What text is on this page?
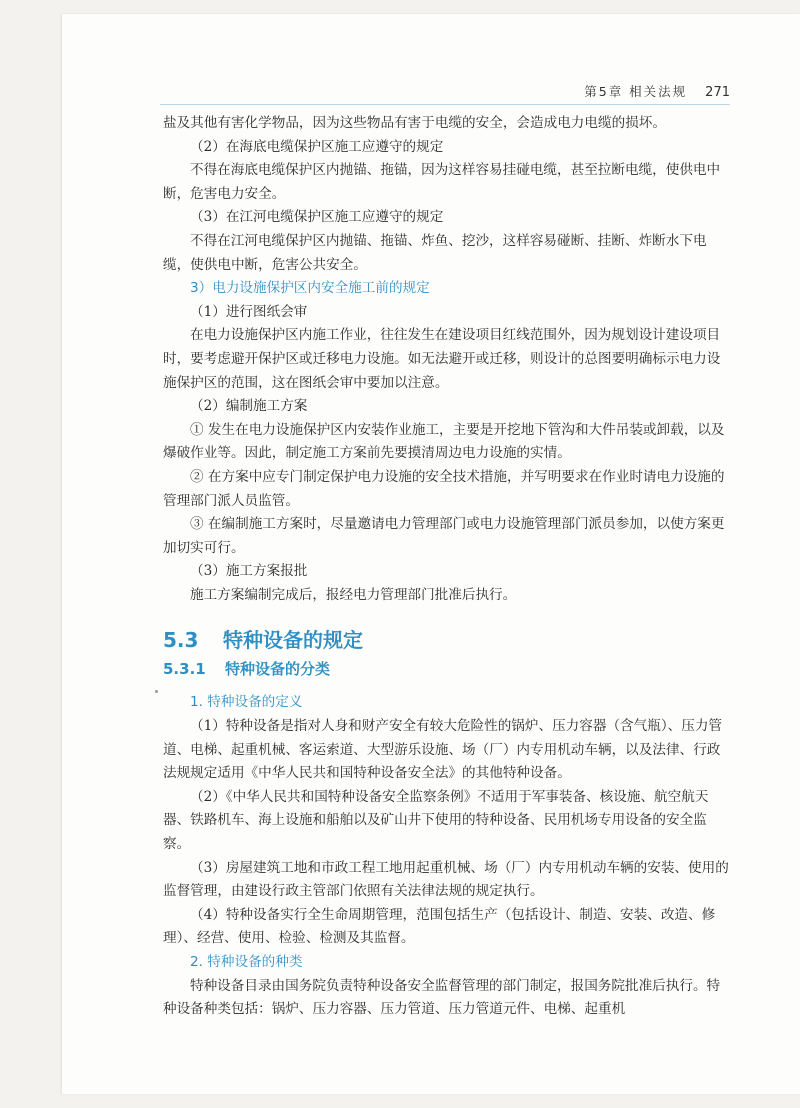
第5章 相关法规 271

盐及其他有害化学物品，因为这些物品有害于电缆的安全，会造成电力电缆的损坏。

（2）在海底电缆保护区施工应遵守的规定

不得在海底电缆保护区内抛锚、拖锚，因为这样容易挂碰电缆，甚至拉断电缆，使供电中断，危害电力安全。

（3）在江河电缆保护区施工应遵守的规定

不得在江河电缆保护区内抛锚、拖锚、炸鱼、挖沙，这样容易碰断、挂断、炸断水下电缆，使供电中断，危害公共安全。

3）电力设施保护区内安全施工前的规定

（1）进行图纸会审

在电力设施保护区内施工作业，往往发生在建设项目红线范围外，因为规划设计建设项目时，要考虑避开保护区或迁移电力设施。如无法避开或迁移，则设计的总图要明确标示电力设施保护区的范围，这在图纸会审中要加以注意。

（2）编制施工方案

① 发生在电力设施保护区内安装作业施工，主要是开挖地下管沟和大件吊装或卸载，以及爆破作业等。因此，制定施工方案前先要摸清周边电力设施的实情。

② 在方案中应专门制定保护电力设施的安全技术措施，并写明要求在作业时请电力设施的管理部门派人员监管。

③ 在编制施工方案时，尽量邀请电力管理部门或电力设施管理部门派员参加，以使方案更加切实可行。

（3）施工方案报批

施工方案编制完成后，报经电力管理部门批准后执行。

5.3 特种设备的规定
5.3.1 特种设备的分类

1. 特种设备的定义

（1）特种设备是指对人身和财产安全有较大危险性的锅炉、压力容器（含气瓶）、压力管道、电梯、起重机械、客运索道、大型游乐设施、场（厂）内专用机动车辆，以及法律、行政法规规定适用《中华人民共和国特种设备安全法》的其他特种设备。

（2）《中华人民共和国特种设备安全监察条例》不适用于军事装备、核设施、航空航天器、铁路机车、海上设施和船舶以及矿山井下使用的特种设备、民用机场专用设备的安全监察。

（3）房屋建筑工地和市政工程工地用起重机械、场（厂）内专用机动车辆的安装、使用的监督管理，由建设行政主管部门依照有关法律法规的规定执行。

（4）特种设备实行全生命周期管理，范围包括生产（包括设计、制造、安装、改造、修理）、经营、使用、检验、检测及其监督。

2. 特种设备的种类

特种设备目录由国务院负责特种设备安全监督管理的部门制定，报国务院批准后执行。特种设备种类包括：锅炉、压力容器、压力管道、压力管道元件、电梯、起重机
